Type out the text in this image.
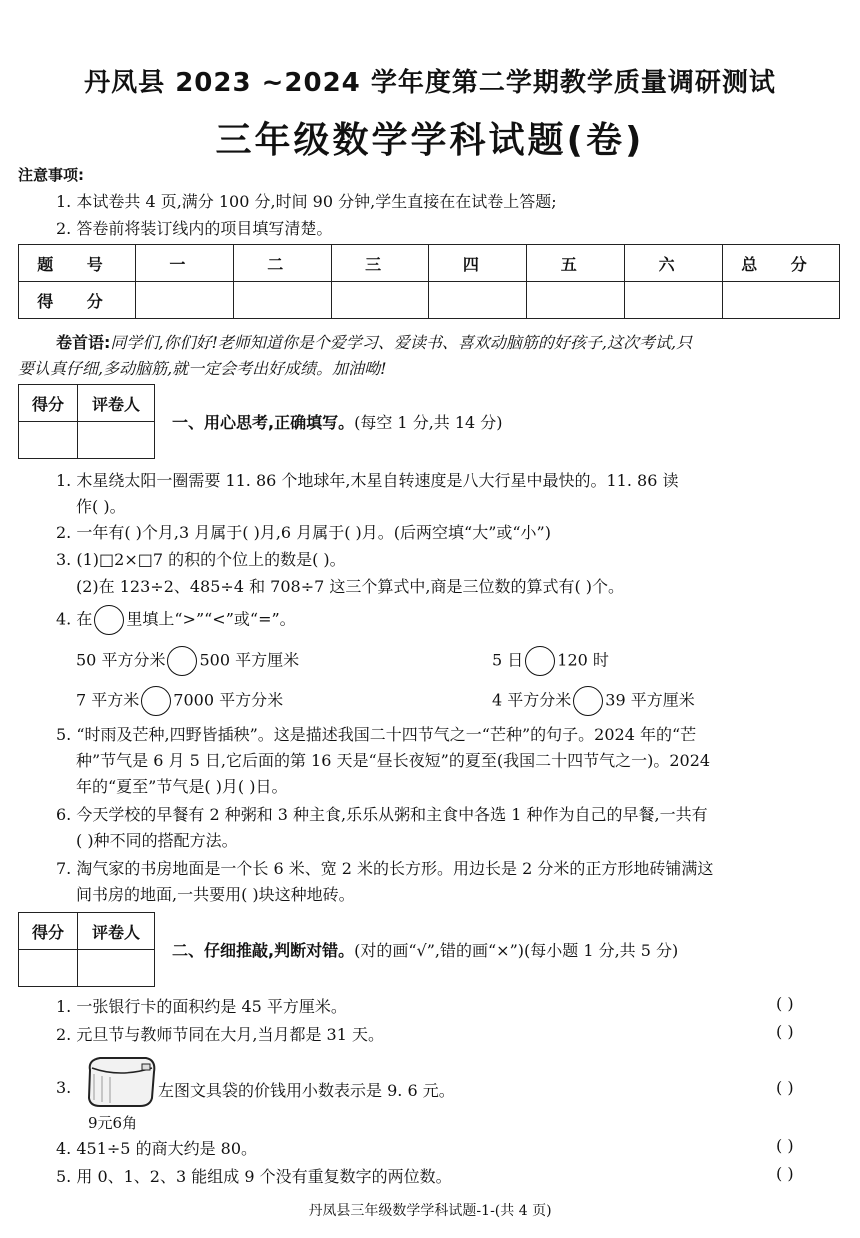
丹凤县 2023 ~2024 学年度第二学期教学质量调研测试
三年级数学学科试题(卷)
注意事项:
1. 本试卷共 4 页,满分 100 分,时间 90 分钟,学生直接在在试卷上答题;
2. 答卷前将装订线内的项目填写清楚。
题 号	一	二	三	四	五	六	总 分
得 分							
卷首语:同学们,你们好!老师知道你是个爱学习、爱读书、喜欢动脑筋的好孩子,这次考试,只
要认真仔细,多动脑筋,就一定会考出好成绩。加油呦!
得分	评卷人

一、用心思考,正确填写。(每空 1 分,共 14 分)
1. 木星绕太阳一圈需要 11. 86 个地球年,木星自转速度是八大行星中最快的。11. 86 读
作( )。
2. 一年有( )个月,3 月属于( )月,6 月属于( )月。(后两空填“大”或“小”)
3. (1)□2×□7 的积的个位上的数是( )。
(2)在 123÷2、485÷4 和 708÷7 这三个算式中,商是三位数的算式有( )个。
4. 在 里填上“>”“<”或“=”。
50 平方分米 500 平方厘米	5 日 120 时
7 平方米 7000 平方分米	4 平方分米 39 平方厘米
5. “时雨及芒种,四野皆插秧”。这是描述我国二十四节气之一“芒种”的句子。2024 年的“芒
种”节气是 6 月 5 日,它后面的第 16 天是“昼长夜短”的夏至(我国二十四节气之一)。2024
年的“夏至”节气是( )月( )日。
6. 今天学校的早餐有 2 种粥和 3 种主食,乐乐从粥和主食中各选 1 种作为自己的早餐,一共有
( )种不同的搭配方法。
7. 淘气家的书房地面是一个长 6 米、宽 2 米的长方形。用边长是 2 分米的正方形地砖铺满这
间书房的地面,一共要用( )块这种地砖。
得分	评卷人

二、仔细推敲,判断对错。(对的画“√”,错的画“×”)(每小题 1 分,共 5 分)
1. 一张银行卡的面积约是 45 平方厘米。	( )
2. 元旦节与教师节同在大月,当月都是 31 天。	( )
3.
9元6角
左图文具袋的价钱用小数表示是 9. 6 元。	( )
4. 451÷5 的商大约是 80。	( )
5. 用 0、1、2、3 能组成 9 个没有重复数字的两位数。	( )
丹凤县三年级数学学科试题-1-(共 4 页)
